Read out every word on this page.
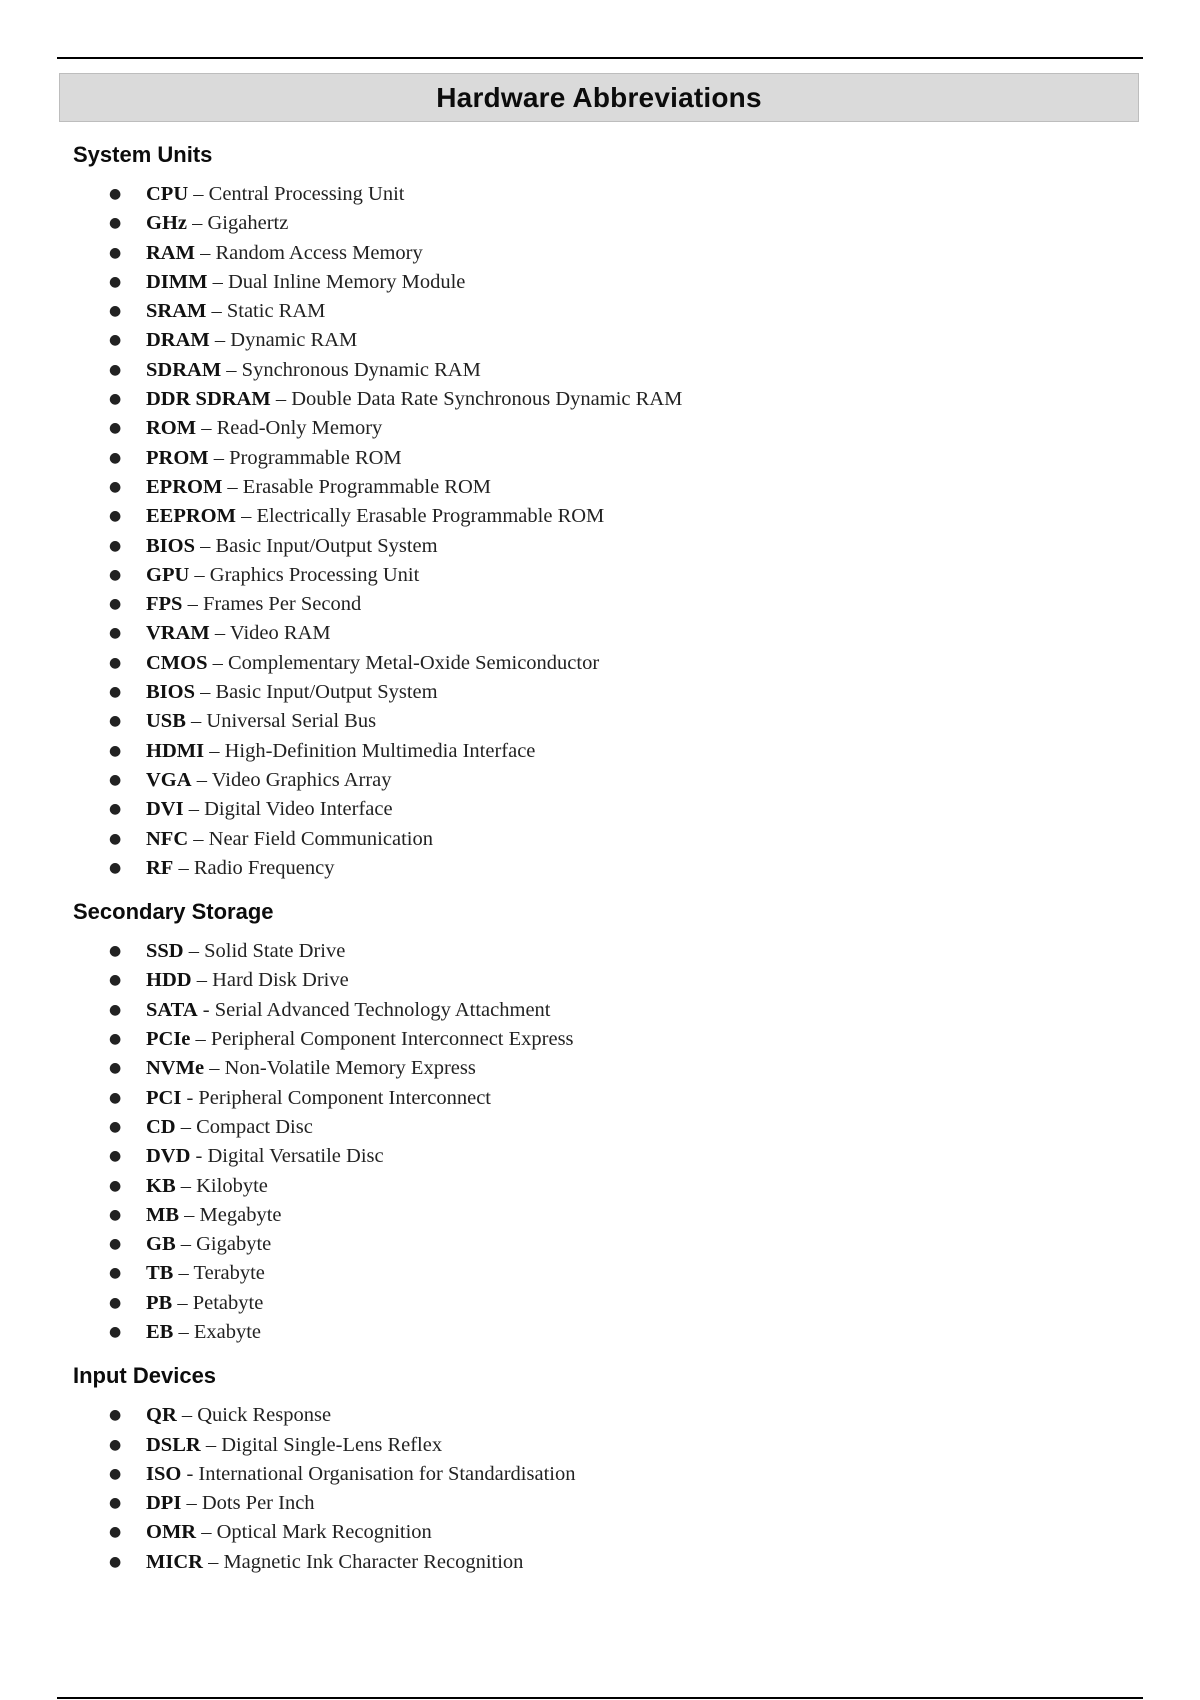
Hardware Abbreviations
System Units
● CPU – Central Processing Unit
● GHz – Gigahertz
● RAM – Random Access Memory
● DIMM – Dual Inline Memory Module
● SRAM – Static RAM
● DRAM – Dynamic RAM
● SDRAM – Synchronous Dynamic RAM
● DDR SDRAM – Double Data Rate Synchronous Dynamic RAM
● ROM – Read-Only Memory
● PROM – Programmable ROM
● EPROM – Erasable Programmable ROM
● EEPROM – Electrically Erasable Programmable ROM
● BIOS – Basic Input/Output System
● GPU – Graphics Processing Unit
● FPS – Frames Per Second
● VRAM – Video RAM
● CMOS – Complementary Metal-Oxide Semiconductor
● BIOS – Basic Input/Output System
● USB – Universal Serial Bus
● HDMI – High-Definition Multimedia Interface
● VGA – Video Graphics Array
● DVI – Digital Video Interface
● NFC – Near Field Communication
● RF – Radio Frequency
Secondary Storage
● SSD – Solid State Drive
● HDD – Hard Disk Drive
● SATA - Serial Advanced Technology Attachment
● PCIe – Peripheral Component Interconnect Express
● NVMe – Non-Volatile Memory Express
● PCI - Peripheral Component Interconnect
● CD – Compact Disc
● DVD - Digital Versatile Disc
● KB – Kilobyte
● MB – Megabyte
● GB – Gigabyte
● TB – Terabyte
● PB – Petabyte
● EB – Exabyte
Input Devices
● QR – Quick Response
● DSLR – Digital Single-Lens Reflex
● ISO - International Organisation for Standardisation
● DPI – Dots Per Inch
● OMR – Optical Mark Recognition
● MICR – Magnetic Ink Character Recognition
